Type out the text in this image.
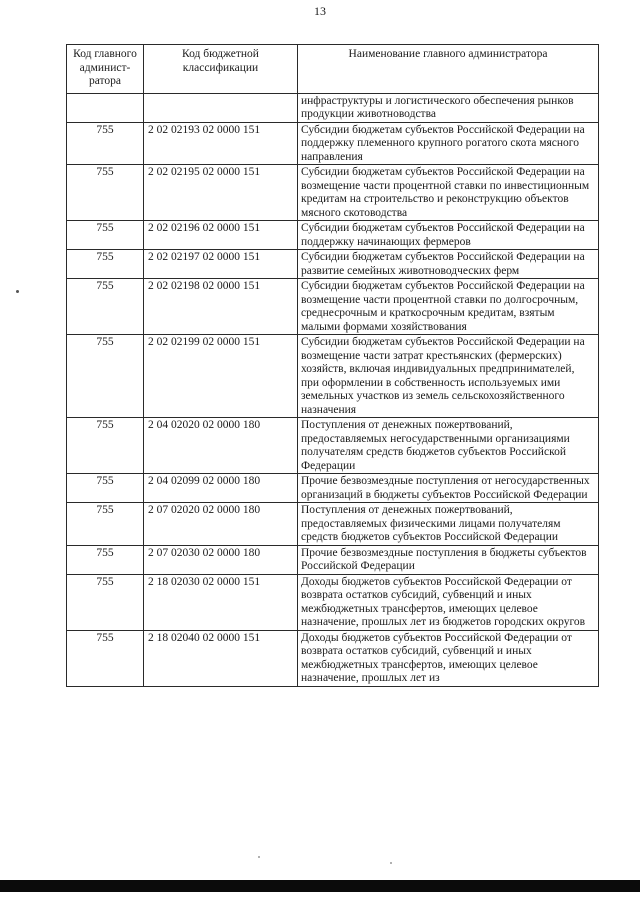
13
Код главного админист-ратора	Код бюджетной классификации	Наименование главного администратора
		инфраструктуры и логистического обеспечения рынков продукции животноводства
755	2 02 02193 02 0000 151	Субсидии бюджетам субъектов Российской Федерации на поддержку племенного крупного рогатого скота мясного направления
755	2 02 02195 02 0000 151	Субсидии бюджетам субъектов Российской Федерации на возмещение части процентной ставки по инвестиционным кредитам на строительство и реконструкцию объектов мясного скотоводства
755	2 02 02196 02 0000 151	Субсидии бюджетам субъектов Российской Федерации на поддержку начинающих фермеров
755	2 02 02197 02 0000 151	Субсидии бюджетам субъектов Российской Федерации на развитие семейных животноводческих ферм
755	2 02 02198 02 0000 151	Субсидии бюджетам субъектов Российской Федерации на возмещение части процентной ставки по долгосрочным, среднесрочным и краткосрочным кредитам, взятым малыми формами хозяйствования
755	2 02 02199 02 0000 151	Субсидии бюджетам субъектов Российской Федерации на возмещение части затрат крестьянских (фермерских) хозяйств, включая индивидуальных предпринимателей, при оформлении в собственность используемых ими земельных участков из земель сельскохозяйственного назначения
755	2 04 02020 02 0000 180	Поступления от денежных пожертвований, предоставляемых негосударственными организациями получателям средств бюджетов субъектов Российской Федерации
755	2 04 02099 02 0000 180	Прочие безвозмездные поступления от негосударственных организаций в бюджеты субъектов Российской Федерации
755	2 07 02020 02 0000 180	Поступления от денежных пожертвований, предоставляемых физическими лицами получателям средств бюджетов субъектов Российской Федерации
755	2 07 02030 02 0000 180	Прочие безвозмездные поступления в бюджеты субъектов Российской Федерации
755	2 18 02030 02 0000 151	Доходы бюджетов субъектов Российской Федерации от возврата остатков субсидий, субвенций и иных межбюджетных трансфертов, имеющих целевое назначение, прошлых лет из бюджетов городских округов
755	2 18 02040 02 0000 151	Доходы бюджетов субъектов Российской Федерации от возврата остатков субсидий, субвенций и иных межбюджетных трансфертов, имеющих целевое назначение, прошлых лет из
